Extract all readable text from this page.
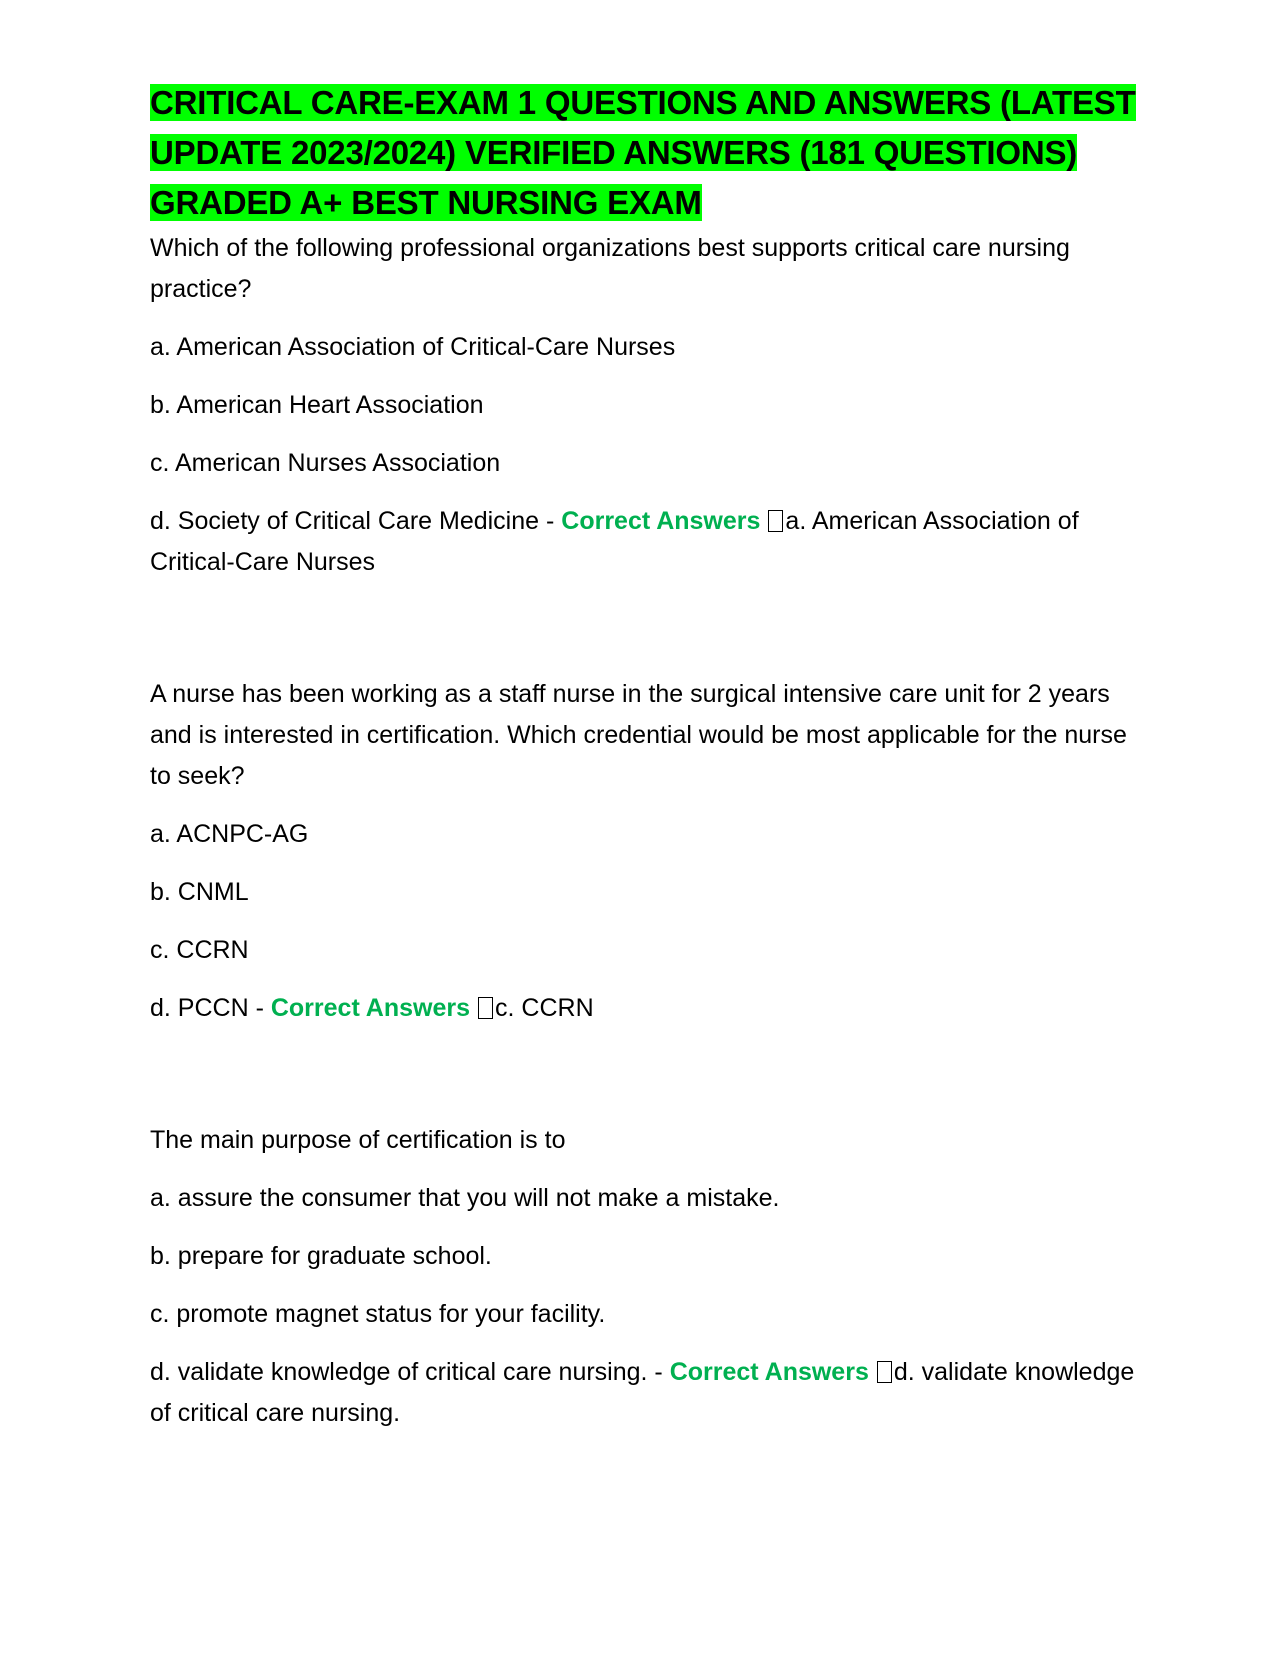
CRITICAL CARE-EXAM 1 QUESTIONS AND ANSWERS (LATEST UPDATE 2023/2024) VERIFIED ANSWERS (181 QUESTIONS) GRADED A+ BEST NURSING EXAM

Which of the following professional organizations best supports critical care nursing practice?

a. American Association of Critical-Care Nurses

b. American Heart Association

c. American Nurses Association

d. Society of Critical Care Medicine - Correct Answers a. American Association of Critical-Care Nurses

A nurse has been working as a staff nurse in the surgical intensive care unit for 2 years and is interested in certification. Which credential would be most applicable for the nurse to seek?

a. ACNPC-AG

b. CNML

c. CCRN

d. PCCN - Correct Answers c. CCRN

The main purpose of certification is to

a. assure the consumer that you will not make a mistake.

b. prepare for graduate school.

c. promote magnet status for your facility.

d. validate knowledge of critical care nursing. - Correct Answers d. validate knowledge of critical care nursing.
